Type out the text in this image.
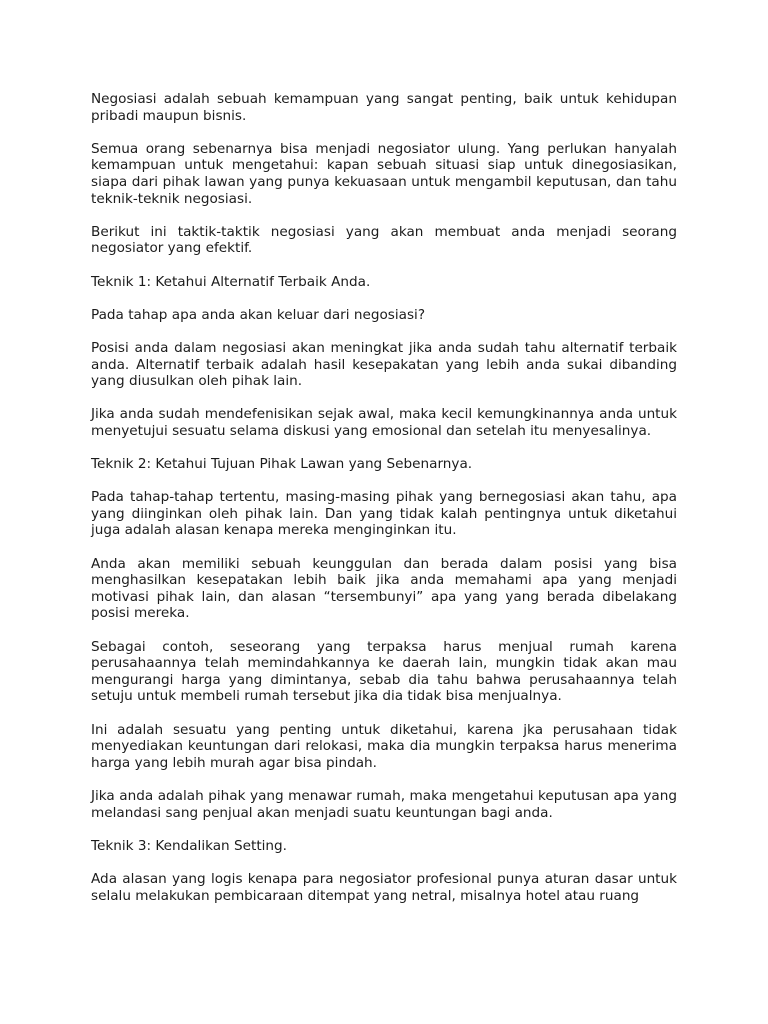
Negosiasi adalah sebuah kemampuan yang sangat penting, baik untuk kehidupan pribadi maupun bisnis.

Semua orang sebenarnya bisa menjadi negosiator ulung. Yang perlukan hanyalah kemampuan untuk mengetahui: kapan sebuah situasi siap untuk dinegosiasikan, siapa dari pihak lawan yang punya kekuasaan untuk mengambil keputusan, dan tahu teknik-teknik negosiasi.

Berikut ini taktik-taktik negosiasi yang akan membuat anda menjadi seorang negosiator yang efektif.

Teknik 1: Ketahui Alternatif Terbaik Anda.

Pada tahap apa anda akan keluar dari negosiasi?

Posisi anda dalam negosiasi akan meningkat jika anda sudah tahu alternatif terbaik anda. Alternatif terbaik adalah hasil kesepakatan yang lebih anda sukai dibanding yang diusulkan oleh pihak lain.

Jika anda sudah mendefenisikan sejak awal, maka kecil kemungkinannya anda untuk menyetujui sesuatu selama diskusi yang emosional dan setelah itu menyesalinya.

Teknik 2: Ketahui Tujuan Pihak Lawan yang Sebenarnya.

Pada tahap-tahap tertentu, masing-masing pihak yang bernegosiasi akan tahu, apa yang diinginkan oleh pihak lain. Dan yang tidak kalah pentingnya untuk diketahui juga adalah alasan kenapa mereka menginginkan itu.

Anda akan memiliki sebuah keunggulan dan berada dalam posisi yang bisa menghasilkan kesepatakan lebih baik jika anda memahami apa yang menjadi motivasi pihak lain, dan alasan “tersembunyi” apa yang yang berada dibelakang posisi mereka.

Sebagai contoh, seseorang yang terpaksa harus menjual rumah karena perusahaannya telah memindahkannya ke daerah lain, mungkin tidak akan mau mengurangi harga yang dimintanya, sebab dia tahu bahwa perusahaannya telah setuju untuk membeli rumah tersebut jika dia tidak bisa menjualnya.

Ini adalah sesuatu yang penting untuk diketahui, karena jka perusahaan tidak menyediakan keuntungan dari relokasi, maka dia mungkin terpaksa harus menerima harga yang lebih murah agar bisa pindah.

Jika anda adalah pihak yang menawar rumah, maka mengetahui keputusan apa yang melandasi sang penjual akan menjadi suatu keuntungan bagi anda.

Teknik 3: Kendalikan Setting.

Ada alasan yang logis kenapa para negosiator profesional punya aturan dasar untuk selalu melakukan pembicaraan ditempat yang netral, misalnya hotel atau ruang
